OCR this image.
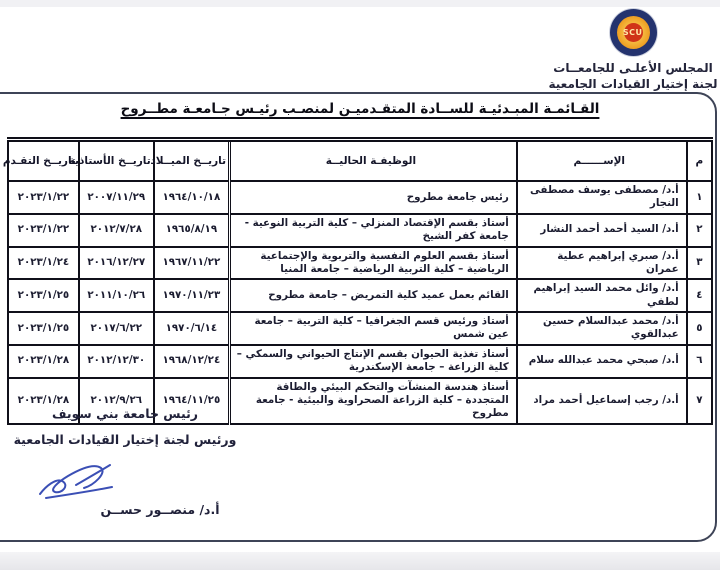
SCU
المجلس الأعلـى للجامعــات
لجنة إختيار القيادات الجامعية
القـائمـة المبـدئيـة للســادة المتقـدميـن لمنصـب رئيـس جـامعـة مطــروح
م	الإســــــم	الوظيفـة الحاليــة	تاريــخ الميــلاد	تاريــخ الأستاذية	تاريــخ التقـدم
١	أ.د/ مصطفى يوسف مصطفى النجار	رئيس جامعة مطروح	١٩٦٤/١٠/١٨	٢٠٠٧/١١/٢٩	٢٠٢٣/١/٢٢
٢	أ.د/ السيد أحمد أحمد النشار	أستاذ بقسم الإقتصاد المنزلي – كلية التربية النوعية - جامعة كفر الشيخ	١٩٦٥/٨/١٩	٢٠١٢/٧/٢٨	٢٠٢٣/١/٢٢
٣	أ.د/ صبري إبراهيم عطية عمران	أستاذ بقسم العلوم النفسية والتربوية والإجتماعية الرياضية – كلية التربية الرياضية – جامعة المنيا	١٩٦٧/١١/٢٢	٢٠١٦/١٢/٢٧	٢٠٢٣/١/٢٤
٤	أ.د/ وائل محمد السيد إبراهيم لطفي	القائم بعمل عميد كلية التمريض – جامعة مطروح	١٩٧٠/١١/٢٣	٢٠١١/١٠/٢٦	٢٠٢٣/١/٢٥
٥	أ.د/ محمد عبدالسلام حسين عبدالقوي	أستاذ ورئيس قسم الجغرافيا – كلية التربية – جامعة عين شمس	١٩٧٠/٦/١٤	٢٠١٧/٦/٢٢	٢٠٢٣/١/٢٥
٦	أ.د/ صبحي محمد عبدالله سلام	أستاذ تغذية الحيوان بقسم الإنتاج الحيواني والسمكي – كلية الزراعة – جامعة الإسكندرية	١٩٦٨/١٢/٢٤	٢٠١٢/١٢/٣٠	٢٠٢٣/١/٢٨
٧	أ.د/ رجب إسماعيل أحمد مراد	أستاذ هندسة المنشآت والتحكم البيئي والطاقة المتجددة – كلية الزراعة الصحراوية والبيئية - جامعة مطروح	١٩٦٤/١١/٢٥	٢٠١٢/٩/٢٦	٢٠٢٣/١/٢٨
رئيس جامعة بني سويف
ورئيس لجنة إختيار القيادات الجامعية
أ.د/ منصــور حســن
